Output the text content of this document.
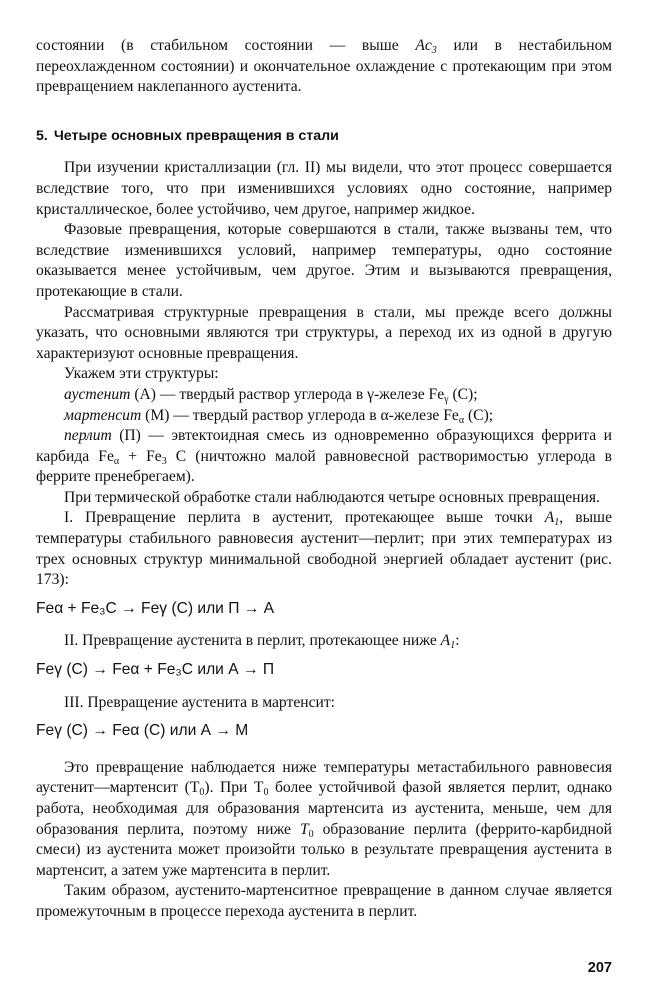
состоянии (в стабильном состоянии — выше $Ac_3$ или в нестабильном переохлажденном состоянии) и окончательное охлаждение с протекающим при этом превращением наклепанного аустенита.

5. Четыре основных превращения в стали

При изучении кристаллизации (гл. II) мы видели, что этот процесс совершается вследствие того, что при изменившихся условиях одно состояние, например кристаллическое, более устойчиво, чем другое, например жидкое.

Фазовые превращения, которые совершаются в стали, также вызваны тем, что вследствие изменившихся условий, например температуры, одно состояние оказывается менее устойчивым, чем другое. Этим и вызываются превращения, протекающие в стали.

Рассматривая структурные превращения в стали, мы прежде всего должны указать, что основными являются три структуры, а переход их из одной в другую характеризуют основные превращения.

Укажем эти структуры:

аустенит (А) — твердый раствор углерода в γ-железе $Fe_\gamma$ (С);

мартенсит (М) — твердый раствор углерода в α-железе $Fe_\alpha$ (С);

перлит (П) — эвтектоидная смесь из одновременно образующихся феррита и карбида $Fe_\alpha + Fe_3$ С (ничтожно малой равновесной растворимостью углерода в феррите пренебрегаем).

При термической обработке стали наблюдаются четыре основных превращения.

I. Превращение перлита в аустенит, протекающее выше точки $A_1$, выше температуры стабильного равновесия аустенит—перлит; при этих температурах из трех основных структур минимальной свободной энергией обладает аустенит (рис. 173):

Feα + Fe₃C → Feγ (С) или П → А

II. Превращение аустенита в перлит, протекающее ниже $A_1$:

Feγ (С) → Feα + Fe₃C или А → П

III. Превращение аустенита в мартенсит:

Feγ (С) → Feα (С) или А → М

Это превращение наблюдается ниже температуры метастабильного равновесия аустенит—мартенсит $(Т_0)$. При $Т_0$ более устойчивой фазой является перлит, однако работа, необходимая для образования мартенсита из аустенита, меньше, чем для образования перлита, поэтому ниже $T_0$ образование перлита (феррито-карбидной смеси) из аустенита может произойти только в результате превращения аустенита в мартенсит, а затем уже мартенсита в перлит.

Таким образом, аустенито-мартенситное превращение в данном случае является промежуточным в процессе перехода аустенита в перлит.

207
